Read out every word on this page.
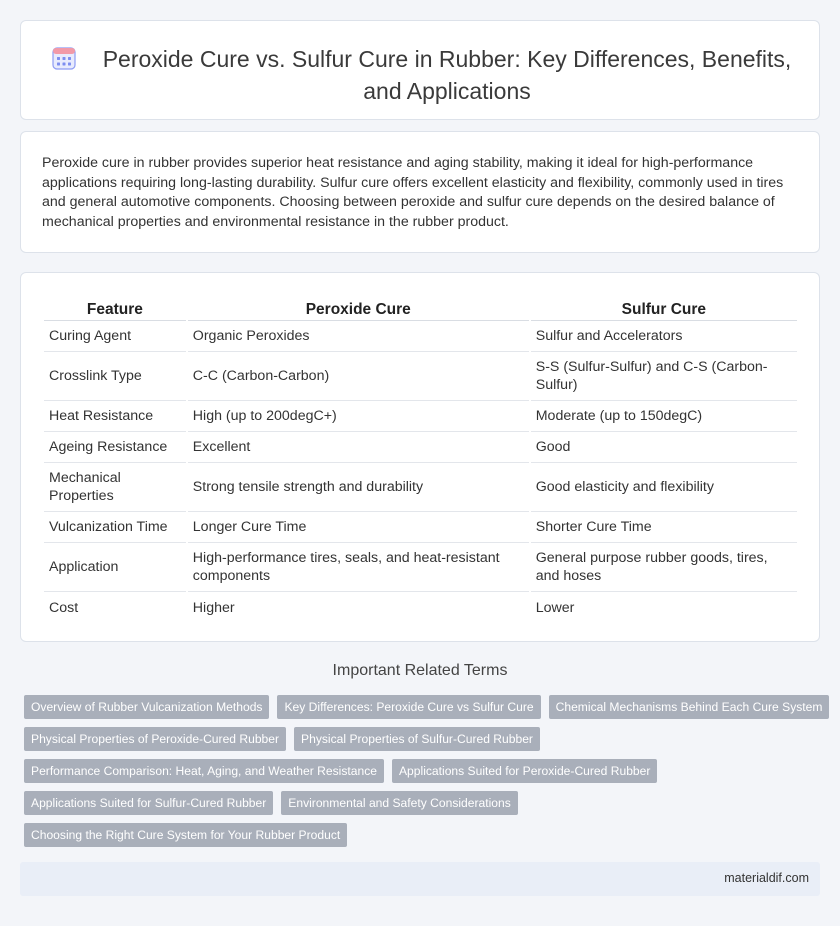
Peroxide Cure vs. Sulfur Cure in Rubber: Key Differences, Benefits, and Applications

Peroxide cure in rubber provides superior heat resistance and aging stability, making it ideal for high-performance applications requiring long-lasting durability. Sulfur cure offers excellent elasticity and flexibility, commonly used in tires and general automotive components. Choosing between peroxide and sulfur cure depends on the desired balance of mechanical properties and environmental resistance in the rubber product.

Feature	Peroxide Cure	Sulfur Cure
Curing Agent	Organic Peroxides	Sulfur and Accelerators
Crosslink Type	C-C (Carbon-Carbon)	S-S (Sulfur-Sulfur) and C-S (Carbon-Sulfur)
Heat Resistance	High (up to 200degC+)	Moderate (up to 150degC)
Ageing Resistance	Excellent	Good
Mechanical Properties	Strong tensile strength and durability	Good elasticity and flexibility
Vulcanization Time	Longer Cure Time	Shorter Cure Time
Application	High-performance tires, seals, and heat-resistant components	General purpose rubber goods, tires, and hoses
Cost	Higher	Lower
Important Related Terms
Overview of Rubber Vulcanization Methods	Key Differences: Peroxide Cure vs Sulfur Cure	Chemical Mechanisms Behind Each Cure System
Physical Properties of Peroxide-Cured Rubber	Physical Properties of Sulfur-Cured Rubber
Performance Comparison: Heat, Aging, and Weather Resistance	Applications Suited for Peroxide-Cured Rubber
Applications Suited for Sulfur-Cured Rubber	Environmental and Safety Considerations
Choosing the Right Cure System for Your Rubber Product
materialdif.com
